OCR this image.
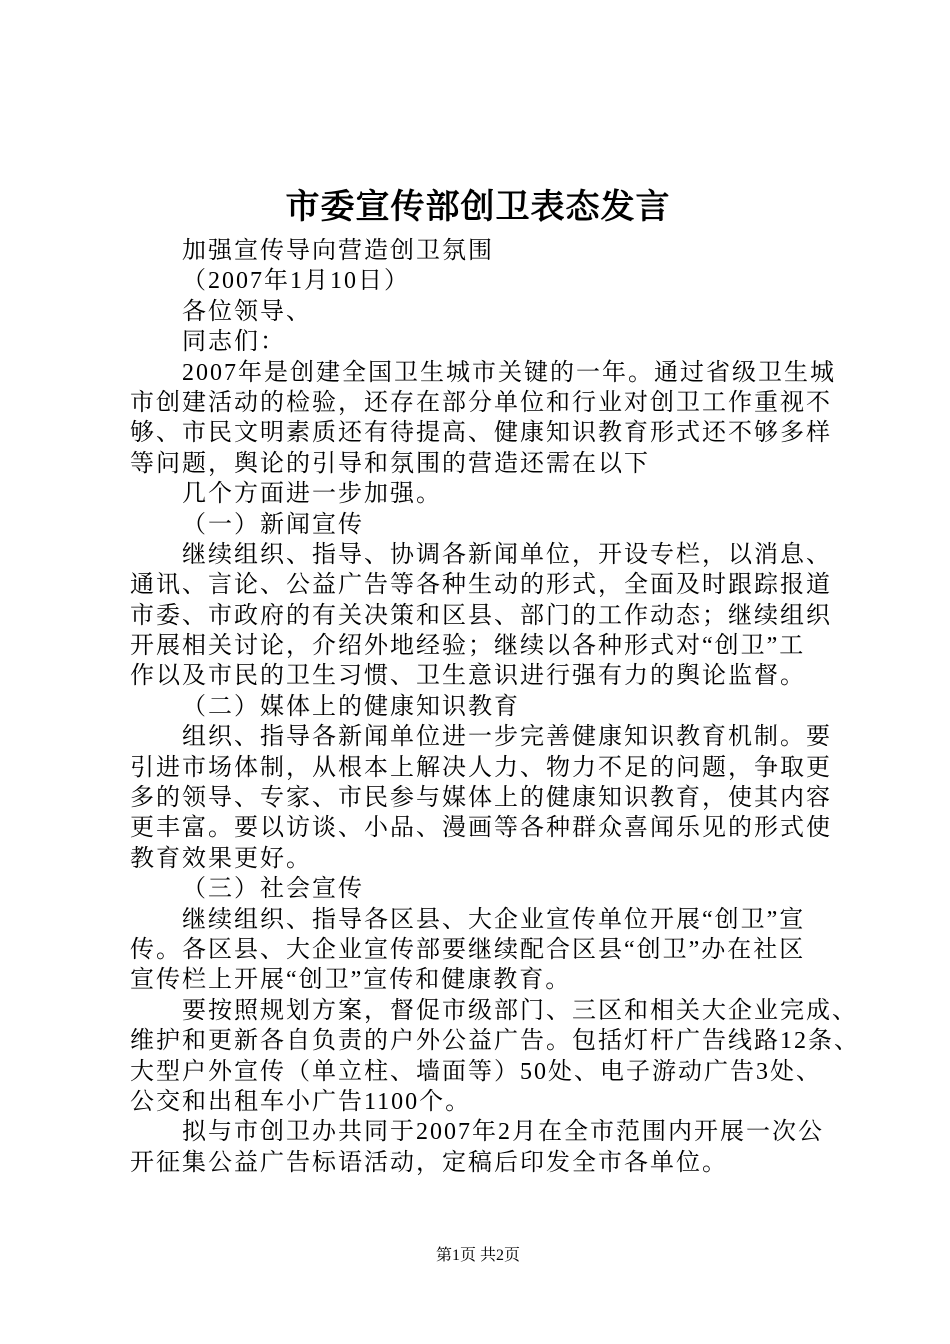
市委宣传部创卫表态发言
加强宣传导向营造创卫氛围
（2007年1月10日）
各位领导、
同志们：
2007年是创建全国卫生城市关键的一年。通过省级卫生城
市创建活动的检验，还存在部分单位和行业对创卫工作重视不
够、市民文明素质还有待提高、健康知识教育形式还不够多样
等问题，舆论的引导和氛围的营造还需在以下
几个方面进一步加强。
（一）新闻宣传
继续组织、指导、协调各新闻单位，开设专栏，以消息、
通讯、言论、公益广告等各种生动的形式，全面及时跟踪报道
市委、市政府的有关决策和区县、部门的工作动态；继续组织
开展相关讨论，介绍外地经验；继续以各种形式对“创卫”工
作以及市民的卫生习惯、卫生意识进行强有力的舆论监督。
（二）媒体上的健康知识教育
组织、指导各新闻单位进一步完善健康知识教育机制。要
引进市场体制，从根本上解决人力、物力不足的问题，争取更
多的领导、专家、市民参与媒体上的健康知识教育，使其内容
更丰富。要以访谈、小品、漫画等各种群众喜闻乐见的形式使
教育效果更好。
（三）社会宣传
继续组织、指导各区县、大企业宣传单位开展“创卫”宣
传。各区县、大企业宣传部要继续配合区县“创卫”办在社区
宣传栏上开展“创卫”宣传和健康教育。
要按照规划方案，督促市级部门、三区和相关大企业完成、
维护和更新各自负责的户外公益广告。包括灯杆广告线路12条、
大型户外宣传（单立柱、墙面等）50处、电子游动广告3处、
公交和出租车小广告1100个。
拟与市创卫办共同于2007年2月在全市范围内开展一次公
开征集公益广告标语活动，定稿后印发全市各单位。
第1页 共2页
